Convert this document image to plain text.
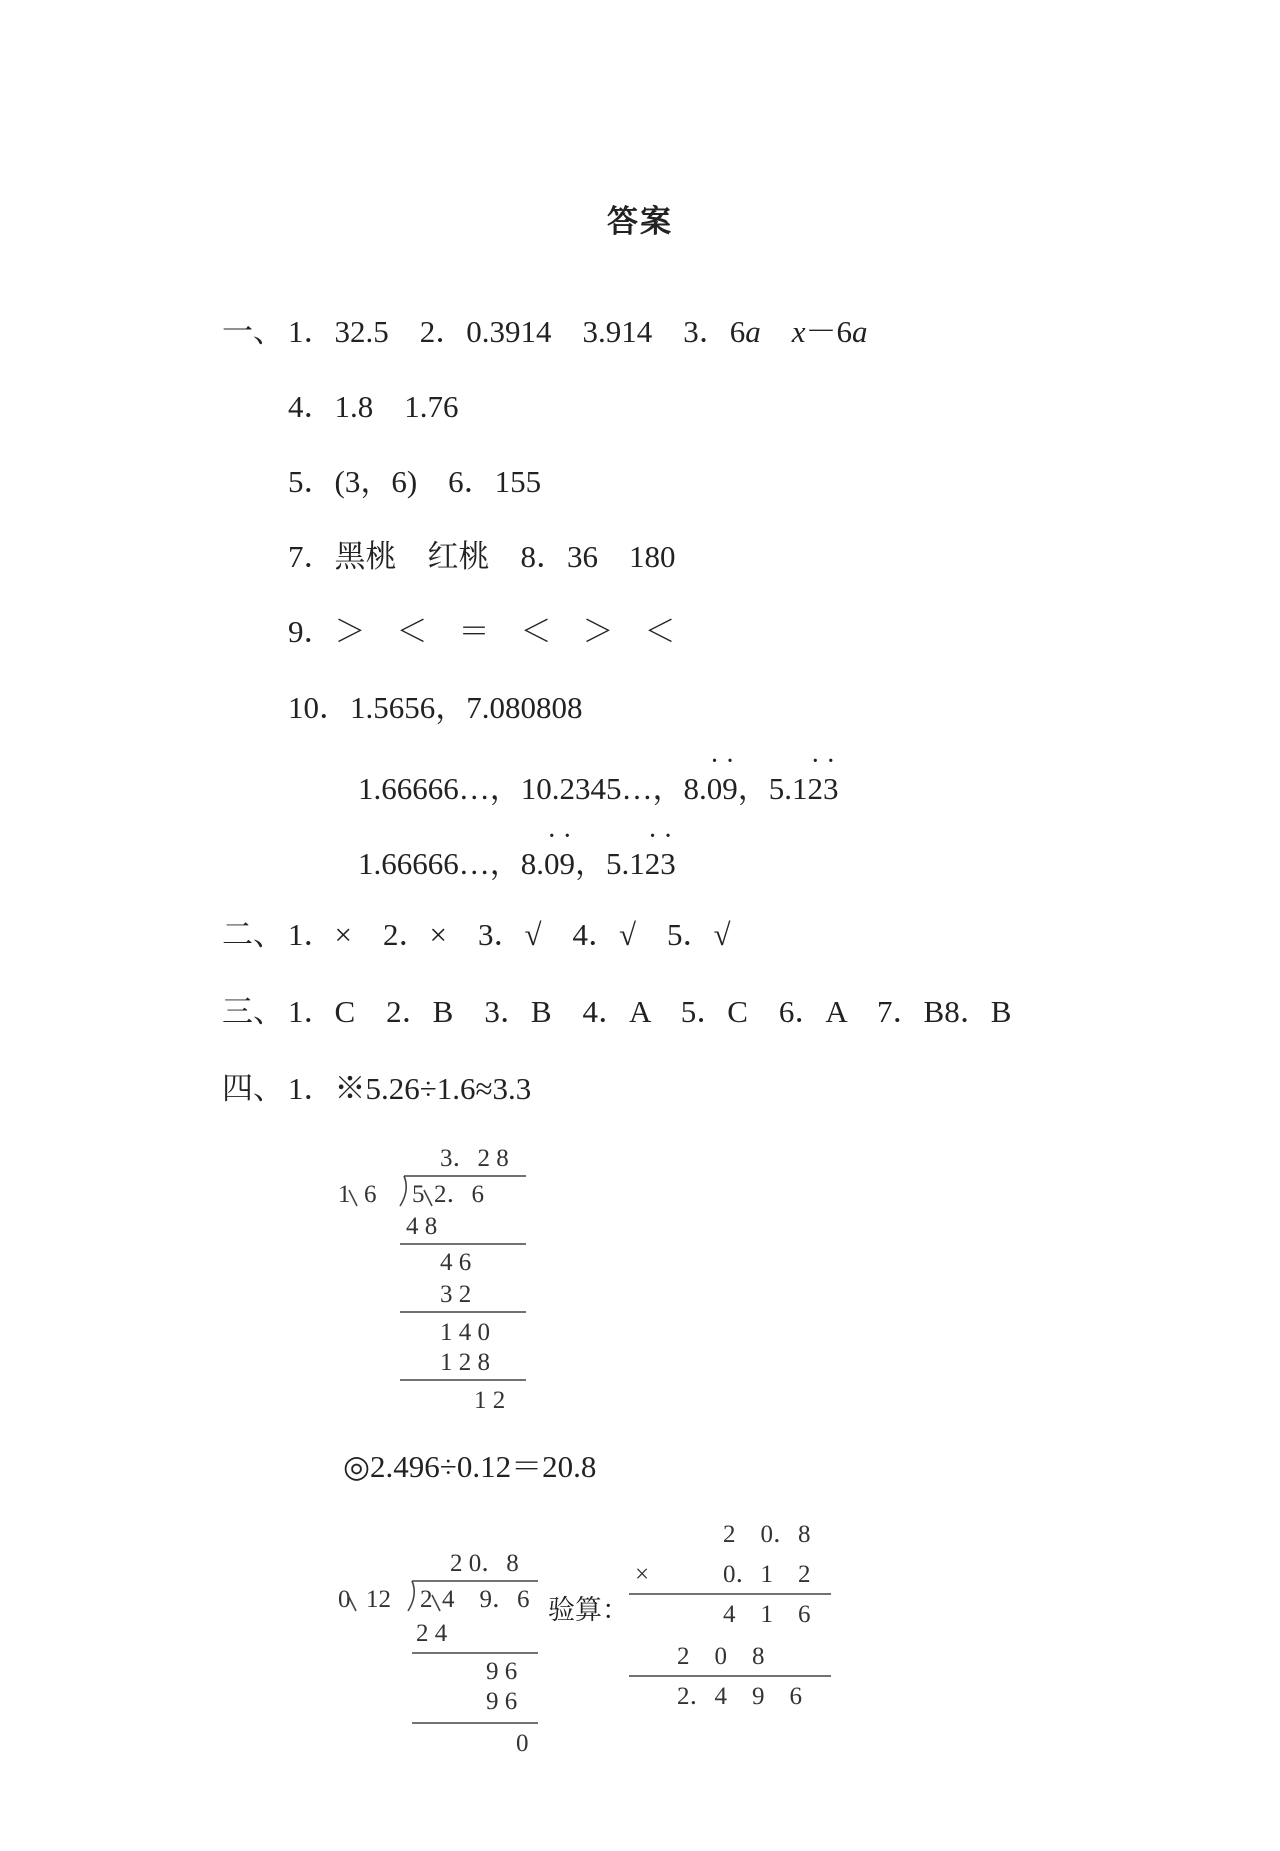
答案
一、 1．32.5　 2．0.3914　 3.914　 3．6a　 x－6a
4．1.8　1.76
5．(3，6)　6．155
7．黑桃　红桃　8．36　180
9．＞　＜　＝　＜　＞　＜
10．1.5656，7.080808
1.66666…，10.2345…，8.· 0· 9，5.1· 2· 3
1.66666…，8.· 0· 9，5.1· 2· 3
二、 1．×　2．×　3．√　4．√　5．√
三、 1．C　2．B　3．B　4．A　5．C　6．A　7．B8．B
四、 1．※5.26÷1.6≈3.3
3．2 8
1 6 5 2．6
4 8
4 6
3 2
1 4 0
1 2 8
1 2
◎2.496÷0.12＝20.8
2 0．8
0 12 2 4　9．6
2 4
9 6
9 6
0
验算：
2　0．8
×	0．1　2
4　1　6
2　0　8
2．4　9　6
